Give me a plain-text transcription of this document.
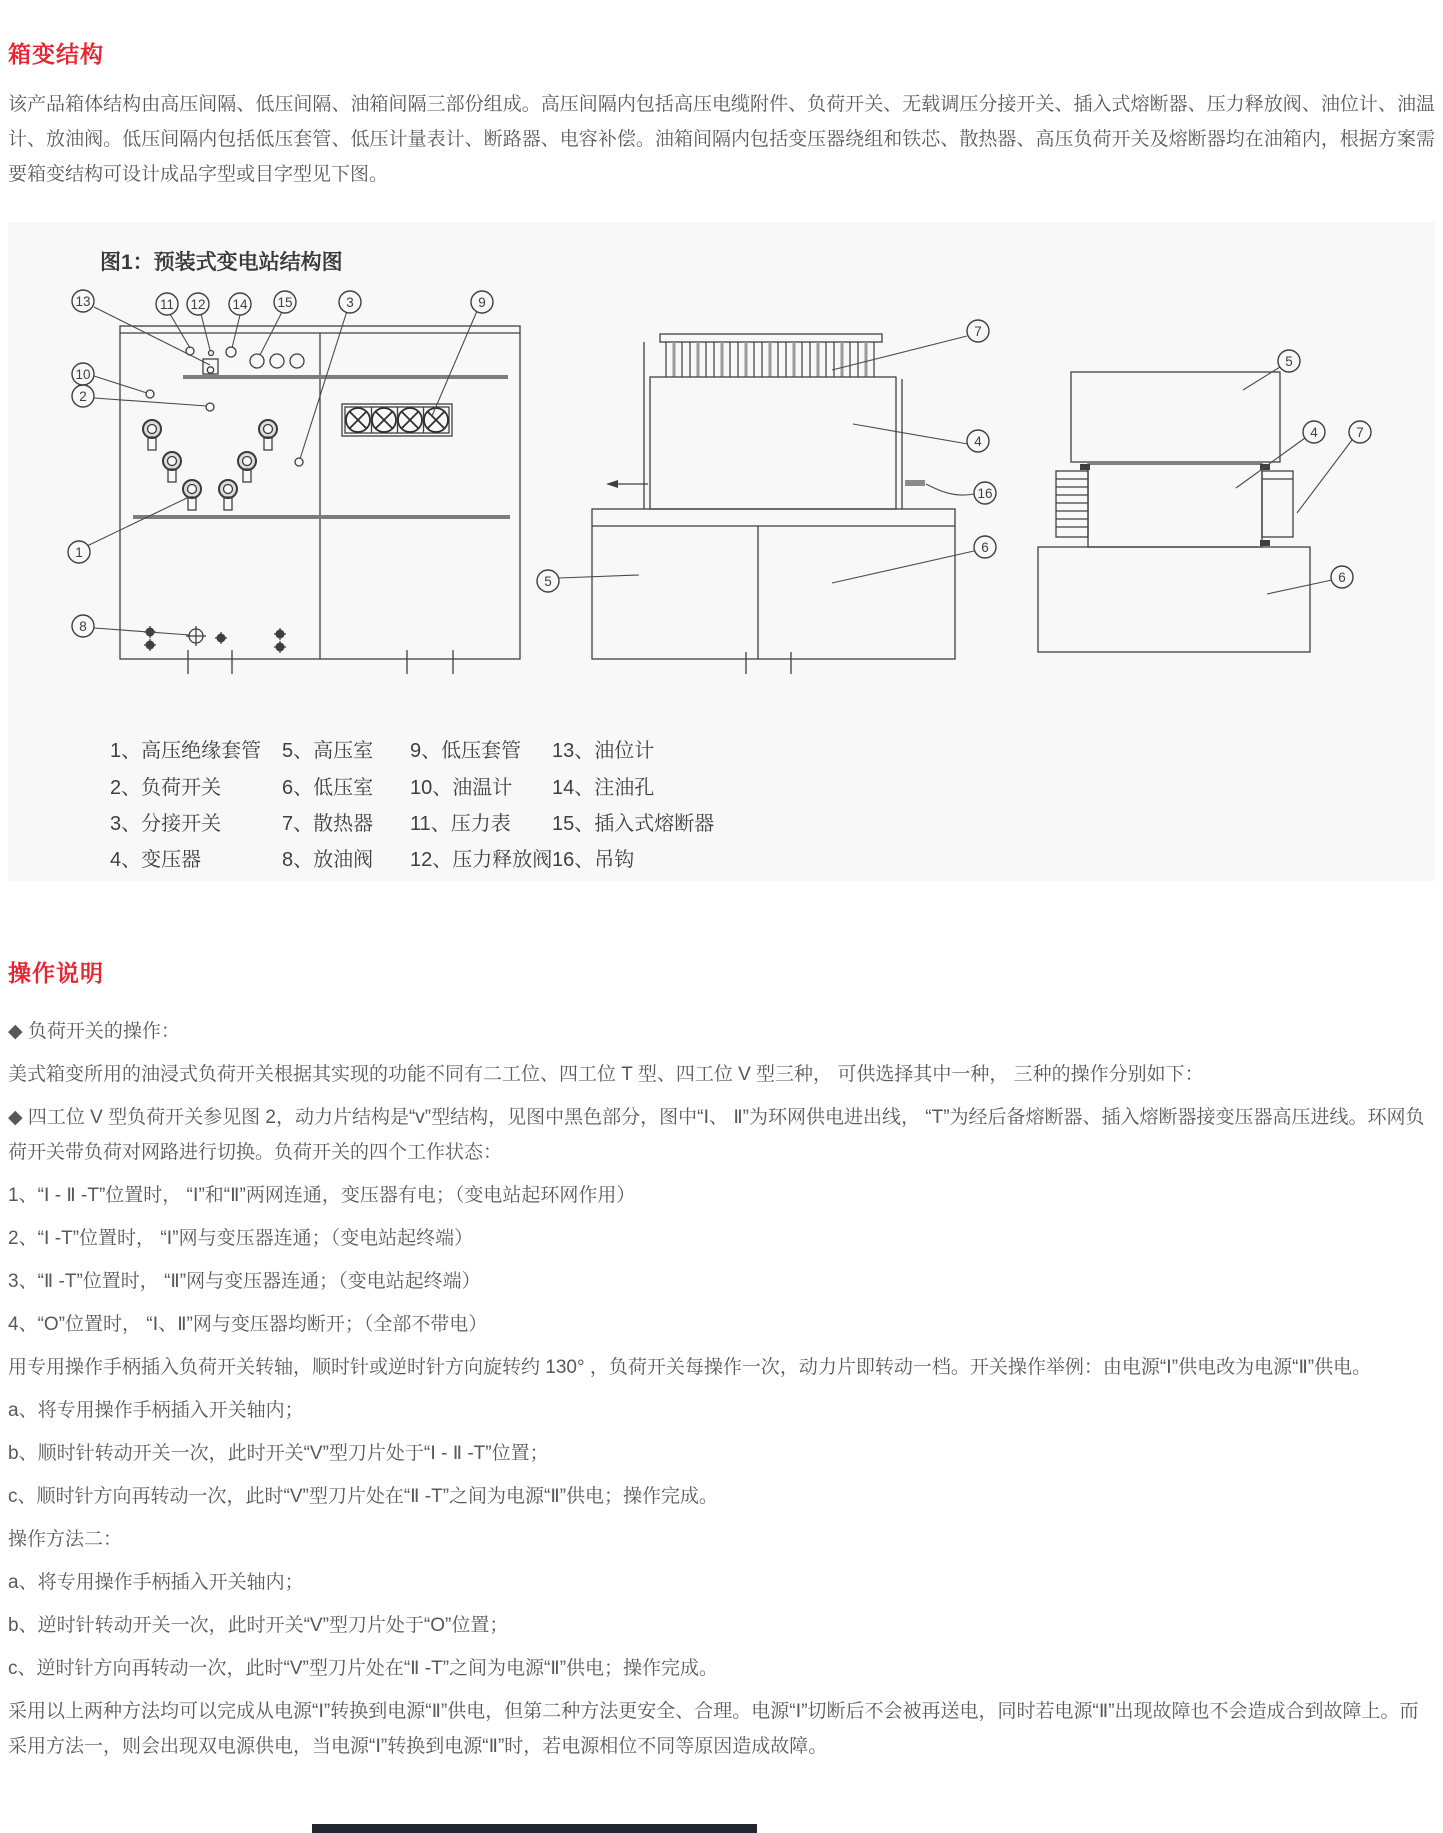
箱变结构
该产品箱体结构由高压间隔、低压间隔、油箱间隔三部份组成。高压间隔内包括高压电缆附件、负荷开关、无载调压分接开关、插入式熔断器、压力释放阀、油位计、油温计、放油阀。低压间隔内包括低压套管、低压计量表计、断路器、电容补偿。油箱间隔内包括变压器绕组和铁芯、散热器、高压负荷开关及熔断器均在油箱内，根据方案需要箱变结构可设计成品字型或目字型见下图。
13	11 12 14 15	3	9
10
2
1
8
7
4
16
6
5
5
4	7
6
图1：预装式变电站结构图
1、高压绝缘套管 5、高压室 9、低压套管 13、油位计
2、负荷开关	6、低压室 10、油温计 14、注油孔
3、分接开关	7、散热器 11、压力表 15、插入式熔断器
4、变压器	8、放油阀 12、压力释放阀 16、吊钩
操作说明

◆ 负荷开关的操作：

美式箱变所用的油浸式负荷开关根据其实现的功能不同有二工位、四工位 T 型、四工位 V 型三种， 可供选择其中一种， 三种的操作分别如下：

◆ 四工位 V 型负荷开关参见图 2，动力片结构是“v”型结构，见图中黑色部分，图中“Ⅰ、 Ⅱ”为环网供电进出线， “T”为经后备熔断器、插入熔断器接变压器高压进线。环网负荷开关带负荷对网路进行切换。负荷开关的四个工作状态：

1、“Ⅰ - Ⅱ -T”位置时， “Ⅰ”和“Ⅱ”两网连通，变压器有电；（变电站起环网作用）

2、“Ⅰ -T”位置时， “Ⅰ”网与变压器连通；（变电站起终端）

3、“Ⅱ -T”位置时， “Ⅱ”网与变压器连通；（变电站起终端）

4、“O”位置时， “Ⅰ、Ⅱ”网与变压器均断开；（全部不带电）

用专用操作手柄插入负荷开关转轴，顺时针或逆时针方向旋转约 130° ，负荷开关每操作一次，动力片即转动一档。开关操作举例：由电源“Ⅰ”供电改为电源“Ⅱ”供电。

a、将专用操作手柄插入开关轴内；

b、顺时针转动开关一次，此时开关“V”型刀片处于“Ⅰ - Ⅱ -T”位置；

c、顺时针方向再转动一次，此时“V”型刀片处在“Ⅱ -T”之间为电源“Ⅱ”供电；操作完成。

操作方法二：

a、将专用操作手柄插入开关轴内；

b、逆时针转动开关一次，此时开关“V”型刀片处于“O”位置；

c、逆时针方向再转动一次，此时“V”型刀片处在“Ⅱ -T”之间为电源“Ⅱ”供电；操作完成。

采用以上两种方法均可以完成从电源“Ⅰ”转换到电源“Ⅱ”供电，但第二种方法更安全、合理。电源“Ⅰ”切断后不会被再送电，同时若电源“Ⅱ”出现故障也不会造成合到故障上。而采用方法一，则会出现双电源供电，当电源“Ⅰ”转换到电源“Ⅱ”时，若电源相位不同等原因造成故障。
